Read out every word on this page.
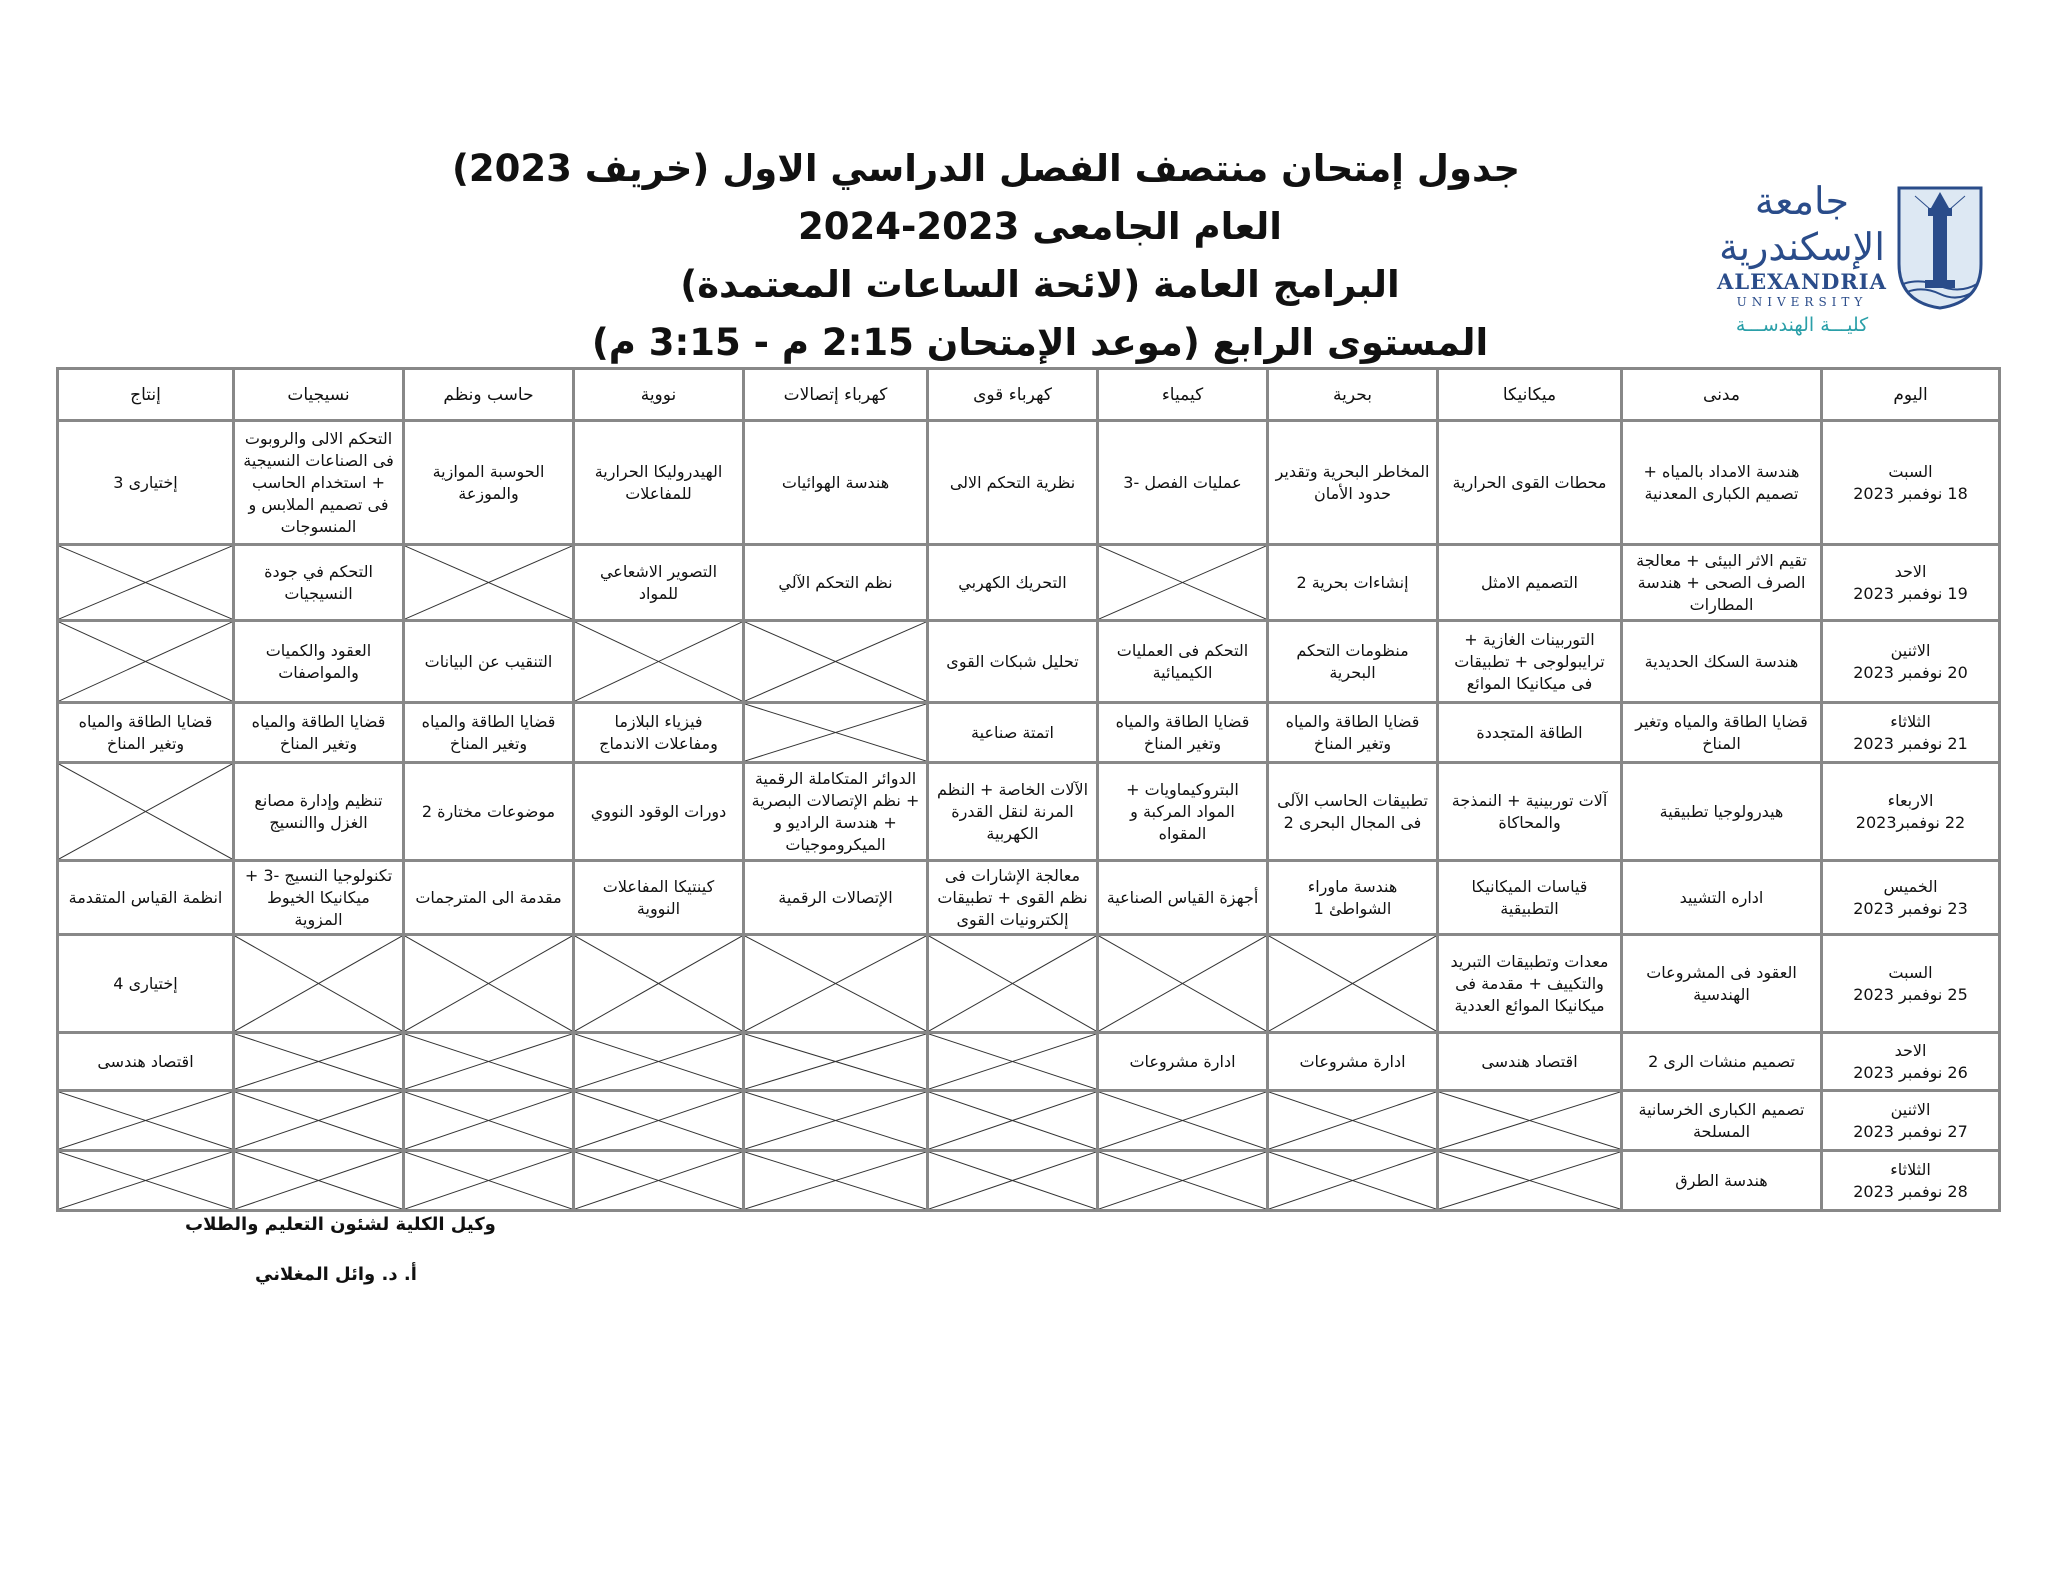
جدول إمتحان منتصف الفصل الدراسي الاول (خريف 2023)
العام الجامعى 2023-2024
البرامج العامة (لائحة الساعات المعتمدة)
المستوى الرابع (موعد الإمتحان 2:15 م - 3:15 م)
جامعة الإسكندرية
ALEXANDRIA
UNIVERSITY
كليـــة الهندســـة
اليوم	مدنى	ميكانيكا	بحرية	كيمياء	كهرباء قوى	كهرباء إتصالات	نووية	حاسب ونظم	نسيجيات	إنتاج

السبت
18 نوفمبر 2023	هندسة الامداد بالمياه + تصميم الكبارى المعدنية	محطات القوى الحرارية	المخاطر البحرية وتقدير حدود الأمان	عمليات الفصل -3	نظرية التحكم الالى	هندسة الهوائيات	الهيدروليكا الحرارية للمفاعلات	الحوسبة الموازية والموزعة	التحكم الالى والروبوت فى الصناعات النسيجية + استخدام الحاسب فى تصميم الملابس و المنسوجات	إختيارى 3

الاحد
19 نوفمبر 2023	تقيم الاثر البيئى + معالجة الصرف الصحى + هندسة المطارات	التصميم الامثل	إنشاءات بحرية 2		التحريك الكهربي	نظم التحكم الآلي	التصوير الاشعاعي للمواد		التحكم في جودة النسيجيات	

الاثنين
20 نوفمبر 2023	هندسة السكك الحديدية	التوربينات الغازية + ترايبولوجى + تطبيقات فى ميكانيكا الموائع	منظومات التحكم البحرية	التحكم فى العمليات الكيميائية	تحليل شبكات القوى			التنقيب عن البيانات	العقود والكميات والمواصفات	

الثلاثاء
21 نوفمبر 2023	قضايا الطاقة والمياه وتغير المناخ	الطاقة المتجددة	قضايا الطاقة والمياه وتغير المناخ	قضايا الطاقة والمياه وتغير المناخ	اتمتة صناعية		فيزياء البلازما ومفاعلات الاندماج	قضايا الطاقة والمياه وتغير المناخ	قضايا الطاقة والمياه وتغير المناخ	قضايا الطاقة والمياه وتغير المناخ

الاربعاء
22 نوفمبر2023	هيدرولوجيا تطبيقية	آلات توربينية + النمذجة والمحاكاة	تطبيقات الحاسب الآلى فى المجال البحرى 2	البتروكيماويات + المواد المركبة و المقواه	الآلات الخاصة + النظم المرنة لنقل القدرة الكهربية	الدوائر المتكاملة الرقمية + نظم الإتصالات البصرية + هندسة الراديو و الميكروموجيات	دورات الوقود النووي	موضوعات مختارة 2	تنظيم وإدارة مصانع الغزل واالنسيج	

الخميس
23 نوفمبر 2023	اداره التشييد	قياسات الميكانيكا التطبيقية	هندسة ماوراء الشواطئ 1	أجهزة القياس الصناعية	معالجة الإشارات فى نظم القوى + تطبيقات إلكترونيات القوى	الإتصالات الرقمية	كينتيكا المفاعلات النووية	مقدمة الى المترجمات	تكنولوجيا النسيج -3 + ميكانيكا الخيوط المزوية	انظمة القياس المتقدمة

السبت
25 نوفمبر 2023	العقود فى المشروعات الهندسية	معدات وتطبيقات التبريد والتكييف + مقدمة فى ميكانيكا الموائع العددية								إختيارى 4

الاحد
26 نوفمبر 2023	تصميم منشات الرى 2	اقتصاد هندسى	ادارة مشروعات	ادارة مشروعات						اقتصاد هندسى

الاثنين
27 نوفمبر 2023	تصميم الكبارى الخرسانية المسلحة									

الثلاثاء
28 نوفمبر 2023	هندسة الطرق									
وكيل الكلية لشئون التعليم والطلاب
أ. د. وائل المغلاني
